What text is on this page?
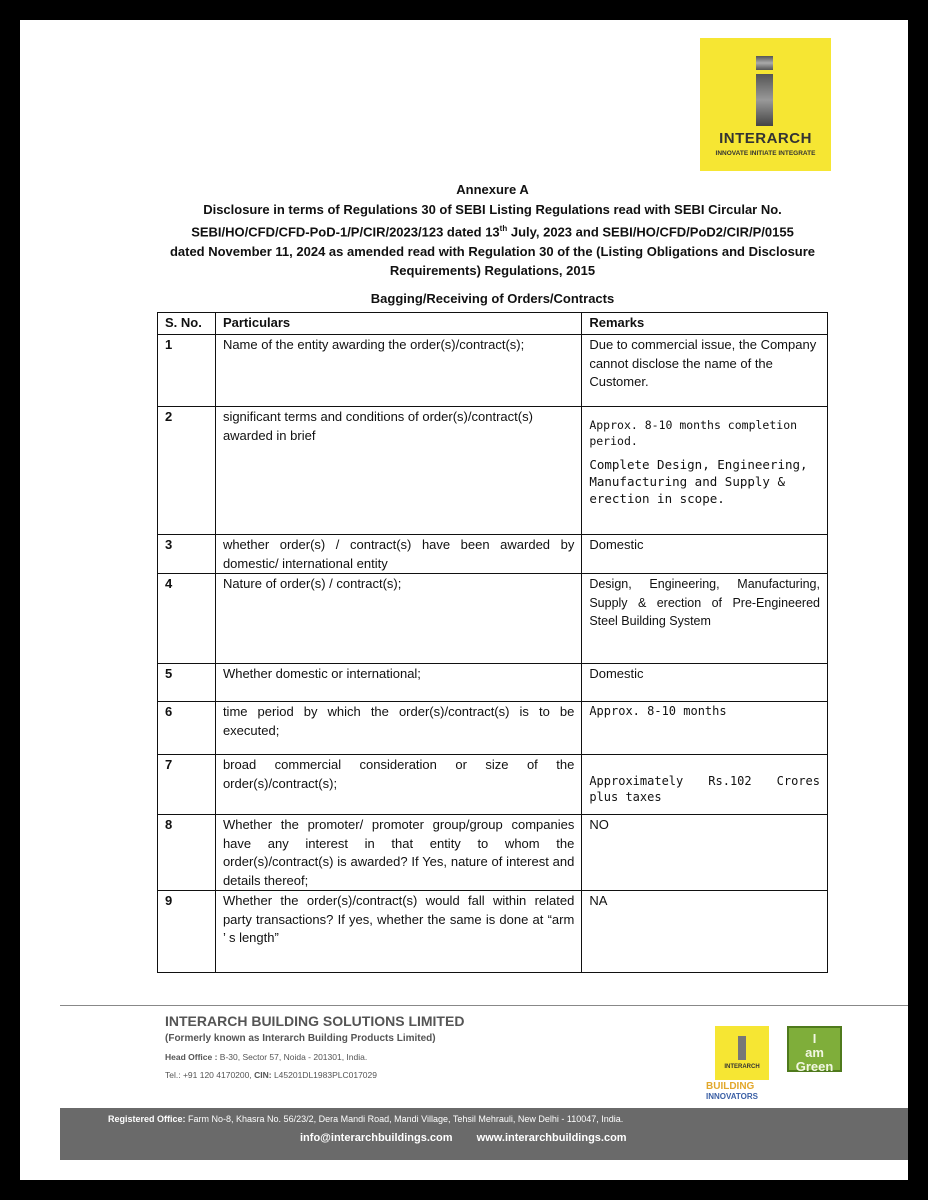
INTERARCH
INNOVATE INITIATE INTEGRATE
Annexure A
Disclosure in terms of Regulations 30 of SEBI Listing Regulations read with SEBI Circular No.
SEBI/HO/CFD/CFD-PoD-1/P/CIR/2023/123 dated 13th July, 2023 and SEBI/HO/CFD/PoD2/CIR/P/0155
dated November 11, 2024 as amended read with Regulation 30 of the (Listing Obligations and Disclosure
Requirements) Regulations, 2015
Bagging/Receiving of Orders/Contracts
S. No.	Particulars	Remarks
1	Name of the entity awarding the order(s)/contract(s);	Due to commercial issue, the Company cannot disclose the name of the Customer.
2	significant terms and conditions of order(s)/contract(s) awarded in brief	Approx. 8-10 months completion period.
Complete Design, Engineering, Manufacturing and Supply & erection in scope.

3	whether order(s) / contract(s) have been awarded by domestic/ international entity	Domestic
4	Nature of order(s) / contract(s);	Design, Engineering, Manufacturing, Supply & erection of Pre-Engineered Steel Building System
5	Whether domestic or international;	Domestic
6	time period by which the order(s)/contract(s) is to be executed;	Approx. 8-10 months
7	broad commercial consideration or size of the order(s)/contract(s);	Approximately Rs.102 Crores plus taxes
8	Whether the promoter/ promoter group/group companies have any interest in that entity to whom the order(s)/contract(s) is awarded? If Yes, nature of interest and details thereof;	NO
9	Whether the order(s)/contract(s) would fall within related party transactions? If yes, whether the same is done at “arm ’ s length”	NA
INTERARCH BUILDING SOLUTIONS LIMITED
(Formerly known as Interarch Building Products Limited)
Head Office : B-30, Sector 57, Noida - 201301, India.
Tel.: +91 120 4170200, CIN: L45201DL1983PLC017029
INTERARCH
I
am
Green
BUILDING
INNOVATORS
Registered Office: Farm No-8, Khasra No. 56/23/2, Dera Mandi Road, Mandi Village, Tehsil Mehrauli, New Delhi - 110047, India.
info@interarchbuildings.com www.interarchbuildings.com
